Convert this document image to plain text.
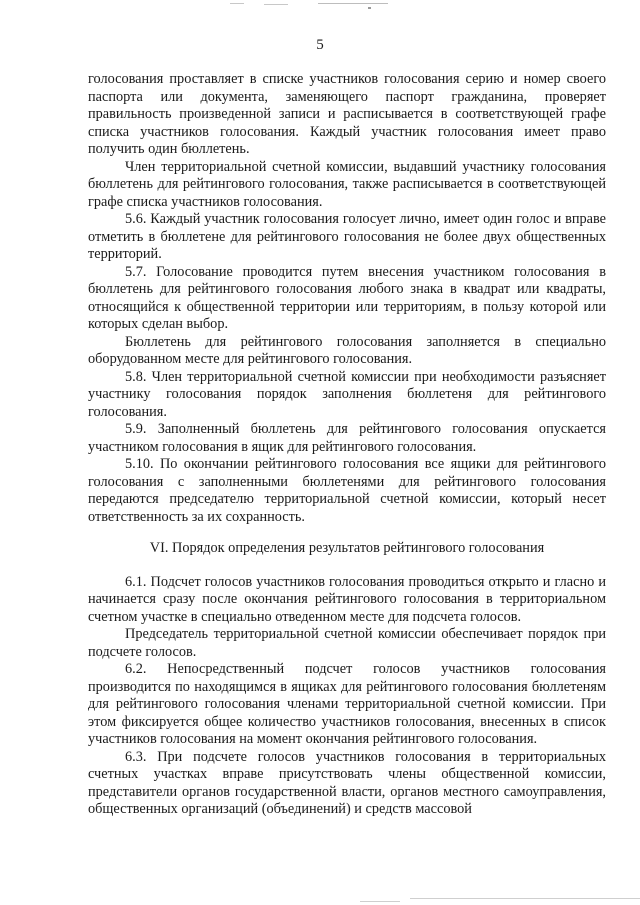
5

голосования проставляет в списке участников голосования серию и номер своего паспорта или документа, заменяющего паспорт гражданина, проверяет правильность произведенной записи и расписывается в соответствующей графе списка участников голосования. Каждый участник голосования имеет право получить один бюллетень.

Член территориальной счетной комиссии, выдавший участнику голосования бюллетень для рейтингового голосования, также расписывается в соответствующей графе списка участников голосования.

5.6. Каждый участник голосования голосует лично, имеет один голос и вправе отметить в бюллетене для рейтингового голосования не более двух общественных территорий.

5.7. Голосование проводится путем внесения участником голосования в бюллетень для рейтингового голосования любого знака в квадрат или квадраты, относящийся к общественной территории или территориям, в пользу которой или которых сделан выбор.

Бюллетень для рейтингового голосования заполняется в специально оборудованном месте для рейтингового голосования.

5.8. Член территориальной счетной комиссии при необходимости разъясняет участнику голосования порядок заполнения бюллетеня для рейтингового голосования.

5.9. Заполненный бюллетень для рейтингового голосования опускается участником голосования в ящик для рейтингового голосования.

5.10. По окончании рейтингового голосования все ящики для рейтингового голосования с заполненными бюллетенями для рейтингового голосования передаются председателю территориальной счетной комиссии, который несет ответственность за их сохранность.

VI. Порядок определения результатов рейтингового голосования

6.1. Подсчет голосов участников голосования проводиться открыто и гласно и начинается сразу после окончания рейтингового голосования в территориальном счетном участке в специально отведенном месте для подсчета голосов.

Председатель территориальной счетной комиссии обеспечивает порядок при подсчете голосов.

6.2. Непосредственный подсчет голосов участников голосования производится по находящимся в ящиках для рейтингового голосования бюллетеням для рейтингового голосования членами территориальной счетной комиссии. При этом фиксируется общее количество участников голосования, внесенных в список участников голосования на момент окончания рейтингового голосования.

6.3. При подсчете голосов участников голосования в территориальных счетных участках вправе присутствовать члены общественной комиссии, представители органов государственной власти, органов местного самоуправления, общественных организаций (объединений) и средств массовой
